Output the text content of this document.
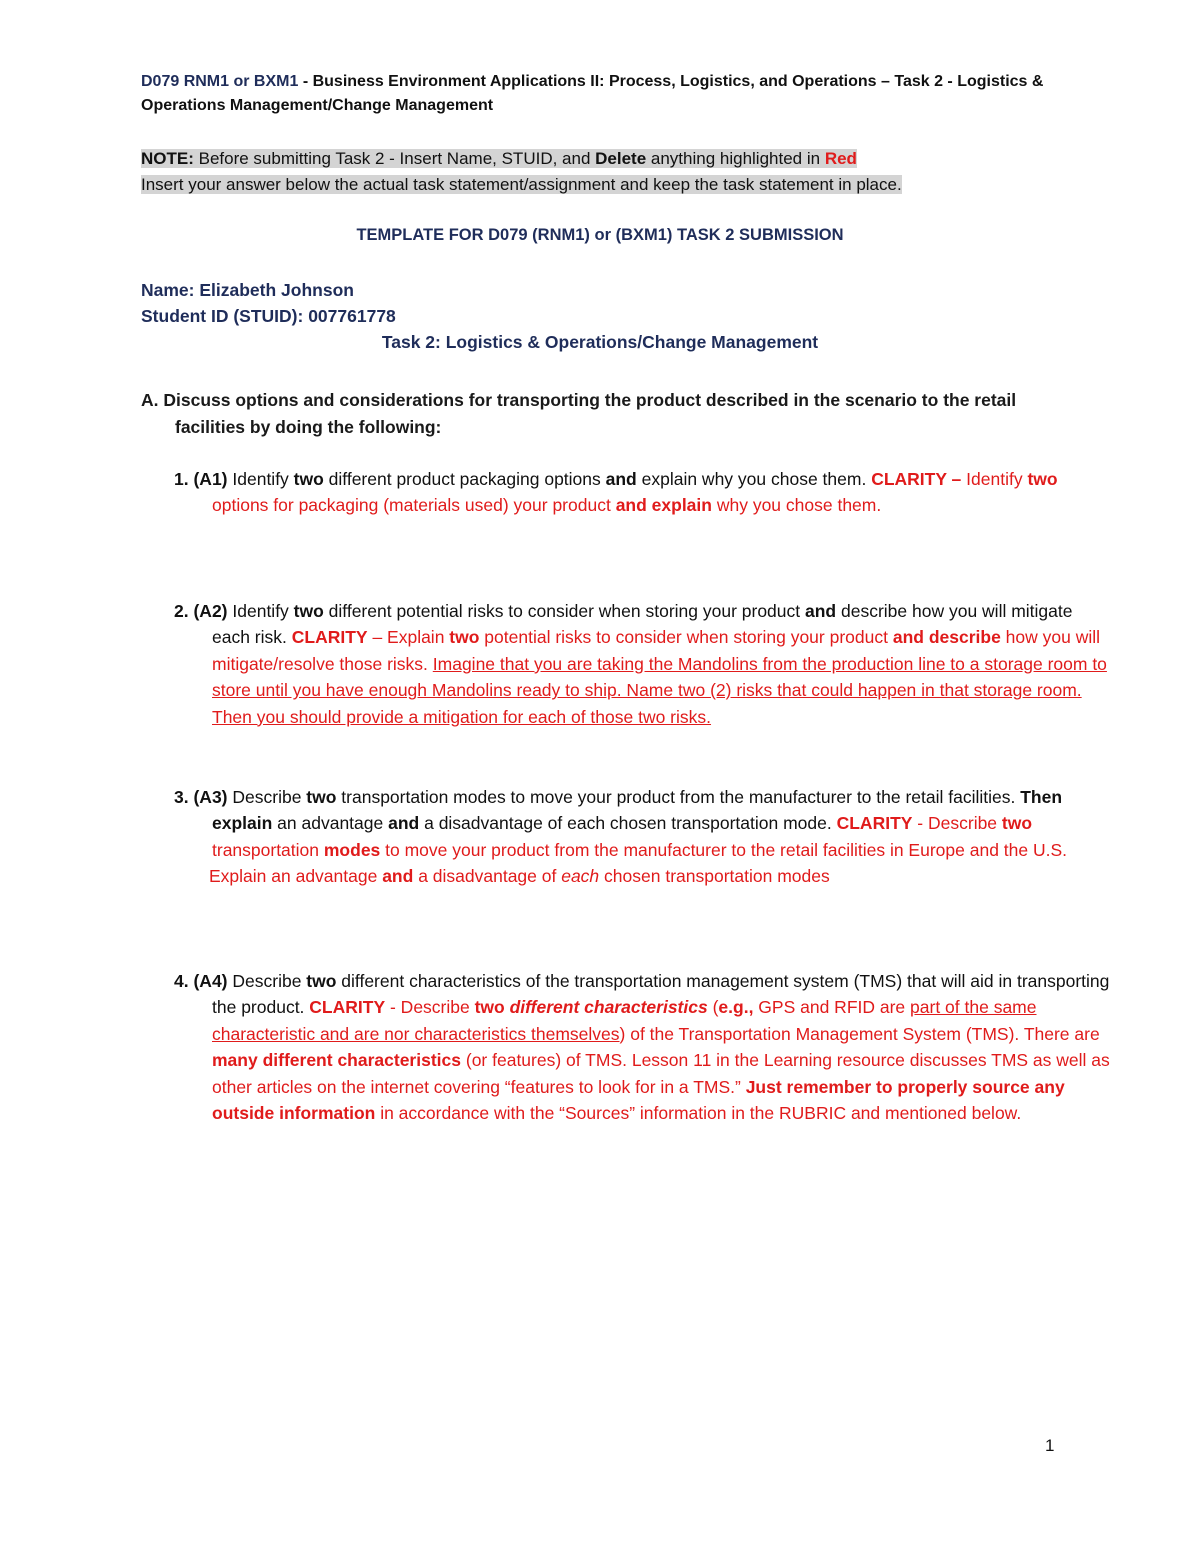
D079 RNM1 or BXM1 - Business Environment Applications II: Process, Logistics, and Operations – Task 2 - Logistics & Operations Management/Change Management
NOTE: Before submitting Task 2 - Insert Name, STUID, and Delete anything highlighted in Red
Insert your answer below the actual task statement/assignment and keep the task statement in place.
TEMPLATE FOR D079 (RNM1) or (BXM1) TASK 2 SUBMISSION
Name: Elizabeth Johnson
Student ID (STUID): 007761778
Task 2: Logistics & Operations/Change Management
A. Discuss options and considerations for transporting the product described in the scenario to the retail facilities by doing the following:
1. (A1) Identify two different product packaging options and explain why you chose them. CLARITY – Identify two options for packaging (materials used) your product and explain why you chose them.
2. (A2) Identify two different potential risks to consider when storing your product and describe how you will mitigate each risk. CLARITY – Explain two potential risks to consider when storing your product and describe how you will mitigate/resolve those risks. Imagine that you are taking the Mandolins from the production line to a storage room to store until you have enough Mandolins ready to ship. Name two (2) risks that could happen in that storage room. Then you should provide a mitigation for each of those two risks.
3. (A3) Describe two transportation modes to move your product from the manufacturer to the retail facilities. Then explain an advantage and a disadvantage of each chosen transportation mode. CLARITY - Describe two transportation modes to move your product from the manufacturer to the retail facilities in Europe and the U.S.
Explain an advantage and a disadvantage of each chosen transportation modes
4. (A4) Describe two different characteristics of the transportation management system (TMS) that will aid in transporting the product. CLARITY - Describe two different characteristics (e.g., GPS and RFID are part of the same characteristic and are nor characteristics themselves) of the Transportation Management System (TMS). There are many different characteristics (or features) of TMS. Lesson 11 in the Learning resource discusses TMS as well as other articles on the internet covering “features to look for in a TMS.” Just remember to properly source any outside information in accordance with the “Sources” information in the RUBRIC and mentioned below.
1
